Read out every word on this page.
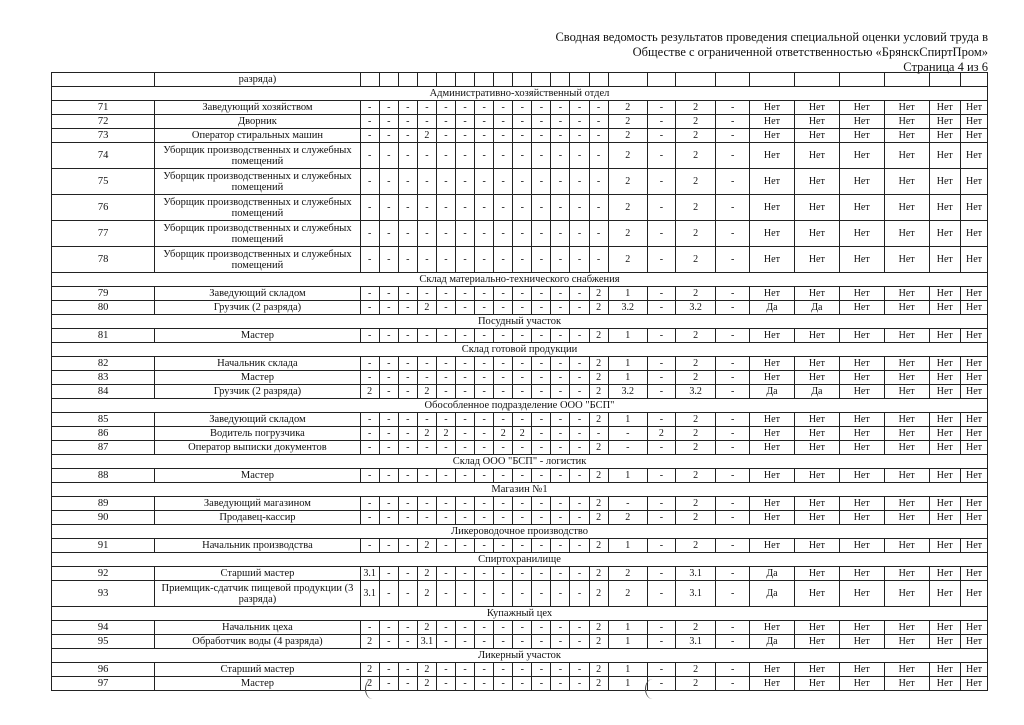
Сводная ведомость результатов проведения специальной оценки условий труда в
Обществе с ограниченной ответственностью «БрянскСпиртПром»
Страница 4 из 6
	разряда)																							
Административно-хозяйственный отдел																								
71	Заведующий хозяйством	-	-	-	-	-	-	-	-	-	-	-	-	-	2	-	2	-	Нет	Нет	Нет	Нет	Нет	Нет
72	Дворник	-	-	-	-	-	-	-	-	-	-	-	-	-	2	-	2	-	Нет	Нет	Нет	Нет	Нет	Нет
73	Оператор стиральных машин	-	-	-	2	-	-	-	-	-	-	-	-	-	2	-	2	-	Нет	Нет	Нет	Нет	Нет	Нет
74	Уборщик производственных и служебных помещений	-	-	-	-	-	-	-	-	-	-	-	-	-	2	-	2	-	Нет	Нет	Нет	Нет	Нет	Нет
75	Уборщик производственных и служебных помещений	-	-	-	-	-	-	-	-	-	-	-	-	-	2	-	2	-	Нет	Нет	Нет	Нет	Нет	Нет
76	Уборщик производственных и служебных помещений	-	-	-	-	-	-	-	-	-	-	-	-	-	2	-	2	-	Нет	Нет	Нет	Нет	Нет	Нет
77	Уборщик производственных и служебных помещений	-	-	-	-	-	-	-	-	-	-	-	-	-	2	-	2	-	Нет	Нет	Нет	Нет	Нет	Нет
78	Уборщик производственных и служебных помещений	-	-	-	-	-	-	-	-	-	-	-	-	-	2	-	2	-	Нет	Нет	Нет	Нет	Нет	Нет
Склад материально-технического снабжения																								
79	Заведующий складом	-	-	-	-	-	-	-	-	-	-	-	-	2	1	-	2	-	Нет	Нет	Нет	Нет	Нет	Нет
80	Грузчик (2 разряда)	-	-	-	2	-	-	-	-	-	-	-	-	2	3.2	-	3.2	-	Да	Да	Нет	Нет	Нет	Нет
Посудный участок																								
81	Мастер	-	-	-	-	-	-	-	-	-	-	-	-	2	1	-	2	-	Нет	Нет	Нет	Нет	Нет	Нет
Склад готовой продукции																								
82	Начальник склада	-	-	-	-	-	-	-	-	-	-	-	-	2	1	-	2	-	Нет	Нет	Нет	Нет	Нет	Нет
83	Мастер	-	-	-	-	-	-	-	-	-	-	-	-	2	1	-	2	-	Нет	Нет	Нет	Нет	Нет	Нет
84	Грузчик (2 разряда)	2	-	-	2	-	-	-	-	-	-	-	-	2	3.2	-	3.2	-	Да	Да	Нет	Нет	Нет	Нет
Обособленное подразделение ООО "БСП"																								
85	Заведующий складом	-	-	-	-	-	-	-	-	-	-	-	-	2	1	-	2	-	Нет	Нет	Нет	Нет	Нет	Нет
86	Водитель погрузчика	-	-	-	2	2	-	-	2	2	-	-	-	-	-	2	2	-	Нет	Нет	Нет	Нет	Нет	Нет
87	Оператор выписки документов	-	-	-	-	-	-	-	-	-	-	-	-	2	-	-	2	-	Нет	Нет	Нет	Нет	Нет	Нет
Склад ООО "БСП" - логистик																								
88	Мастер	-	-	-	-	-	-	-	-	-	-	-	-	2	1	-	2	-	Нет	Нет	Нет	Нет	Нет	Нет
Магазин №1																								
89	Заведующий магазином	-	-	-	-	-	-	-	-	-	-	-	-	2	-	-	2	-	Нет	Нет	Нет	Нет	Нет	Нет
90	Продавец-кассир	-	-	-	-	-	-	-	-	-	-	-	-	2	2	-	2	-	Нет	Нет	Нет	Нет	Нет	Нет
Ликероводочное производство																								
91	Начальник производства	-	-	-	2	-	-	-	-	-	-	-	-	2	1	-	2	-	Нет	Нет	Нет	Нет	Нет	Нет
Спиртохранилище																								
92	Старший мастер	3.1	-	-	2	-	-	-	-	-	-	-	-	2	2	-	3.1	-	Да	Нет	Нет	Нет	Нет	Нет
93	Приемщик-сдатчик пищевой продукции (3 разряда)	3.1	-	-	2	-	-	-	-	-	-	-	-	2	2	-	3.1	-	Да	Нет	Нет	Нет	Нет	Нет
Купажный цех																								
94	Начальник цеха	-	-	-	2	-	-	-	-	-	-	-	-	2	1	-	2	-	Нет	Нет	Нет	Нет	Нет	Нет
95	Обработчик воды (4 разряда)	2	-	-	3.1	-	-	-	-	-	-	-	-	2	1	-	3.1	-	Да	Нет	Нет	Нет	Нет	Нет
Ликерный участок																								
96	Старший мастер	2	-	-	2	-	-	-	-	-	-	-	-	2	1	-	2	-	Нет	Нет	Нет	Нет	Нет	Нет
97	Мастер	2	-	-	2	-	-	-	-	-	-	-	-	2	1	-	2	-	Нет	Нет	Нет	Нет	Нет	Нет
